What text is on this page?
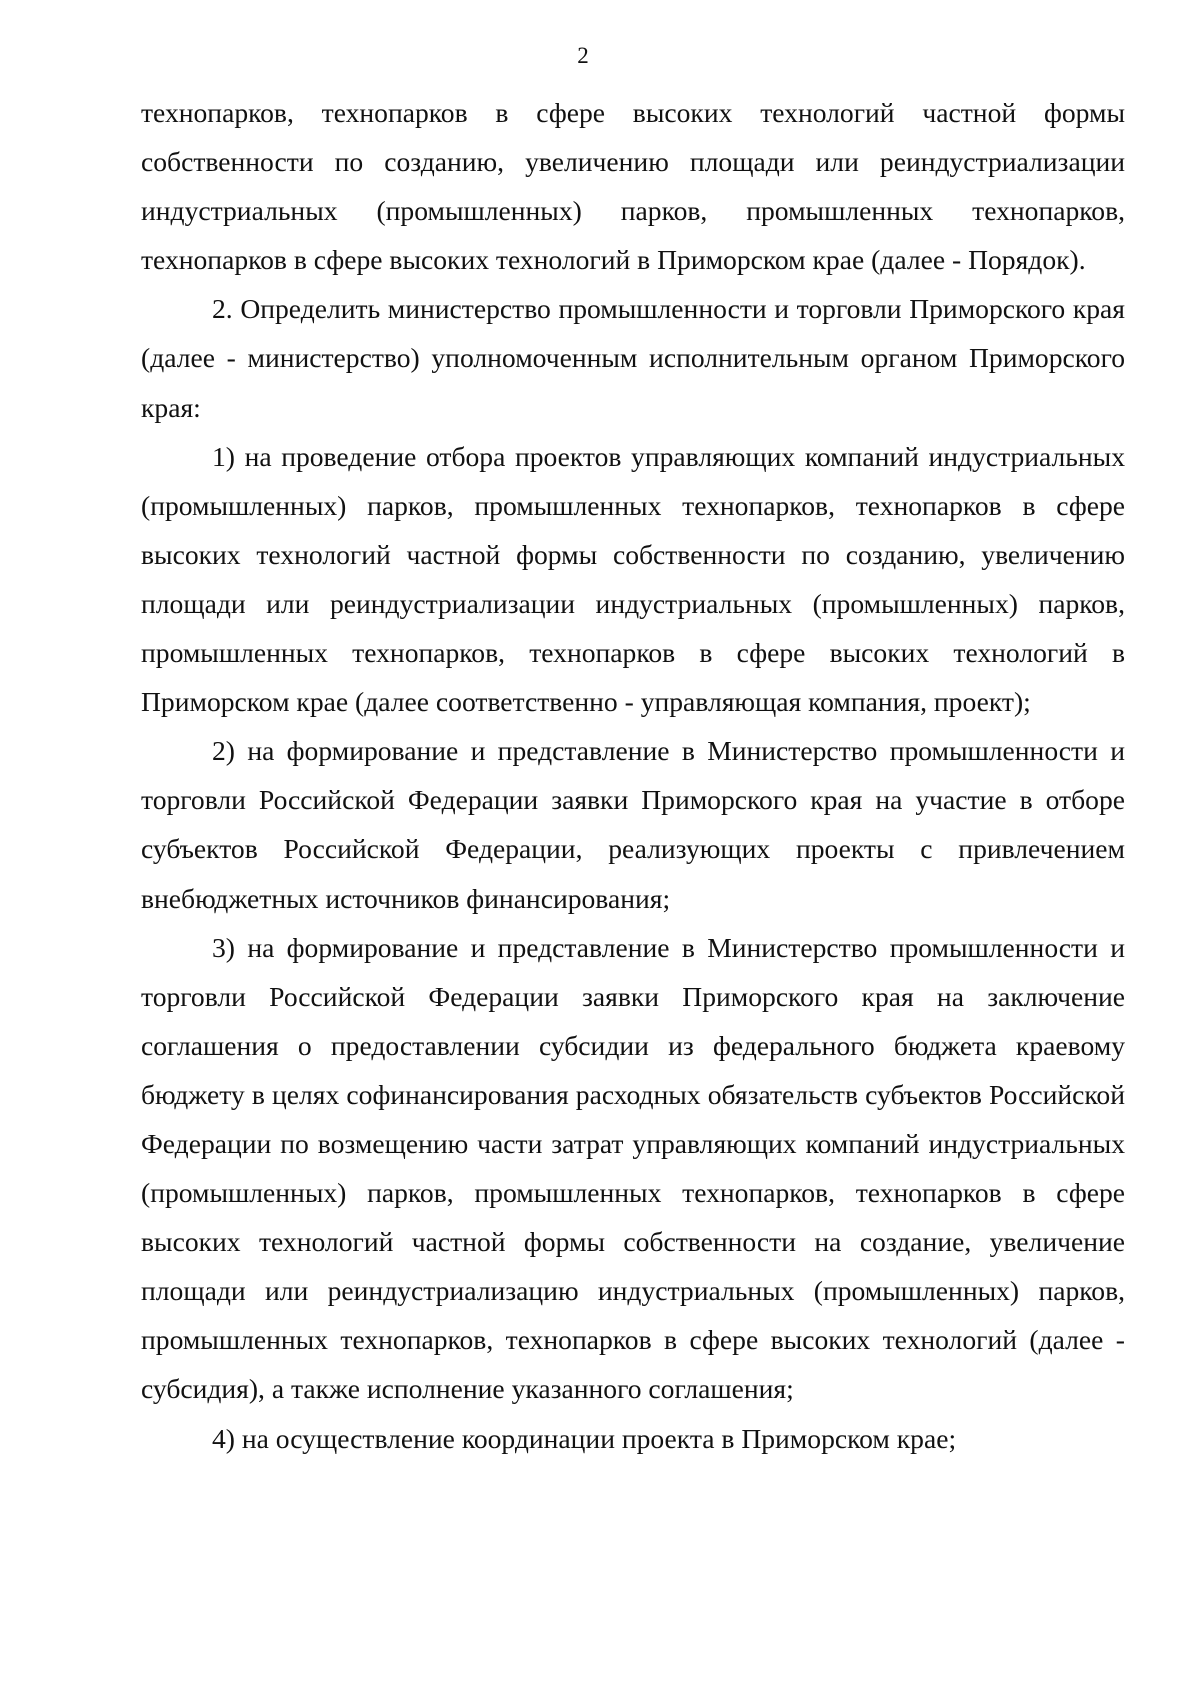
2

технопарков, технопарков в сфере высоких технологий частной формы собственности по созданию, увеличению площади или реиндустриализации индустриальных (промышленных) парков, промышленных технопарков, технопарков в сфере высоких технологий в Приморском крае (далее - Порядок).

2. Определить министерство промышленности и торговли Приморского края (далее - министерство) уполномоченным исполнительным органом Приморского края:

1) на проведение отбора проектов управляющих компаний индустриальных (промышленных) парков, промышленных технопарков, технопарков в сфере высоких технологий частной формы собственности по созданию, увеличению площади или реиндустриализации индустриальных (промышленных) парков, промышленных технопарков, технопарков в сфере высоких технологий в Приморском крае (далее соответственно - управляющая компания, проект);

2) на формирование и представление в Министерство промышленности и торговли Российской Федерации заявки Приморского края на участие в отборе субъектов Российской Федерации, реализующих проекты с привлечением внебюджетных источников финансирования;

3) на формирование и представление в Министерство промышленности и торговли Российской Федерации заявки Приморского края на заключение соглашения о предоставлении субсидии из федерального бюджета краевому бюджету в целях софинансирования расходных обязательств субъектов Российской Федерации по возмещению части затрат управляющих компаний индустриальных (промышленных) парков, промышленных технопарков, технопарков в сфере высоких технологий частной формы собственности на создание, увеличение площади или реиндустриализацию индустриальных (промышленных) парков, промышленных технопарков, технопарков в сфере высоких технологий (далее - субсидия), а также исполнение указанного соглашения;

4) на осуществление координации проекта в Приморском крае;
